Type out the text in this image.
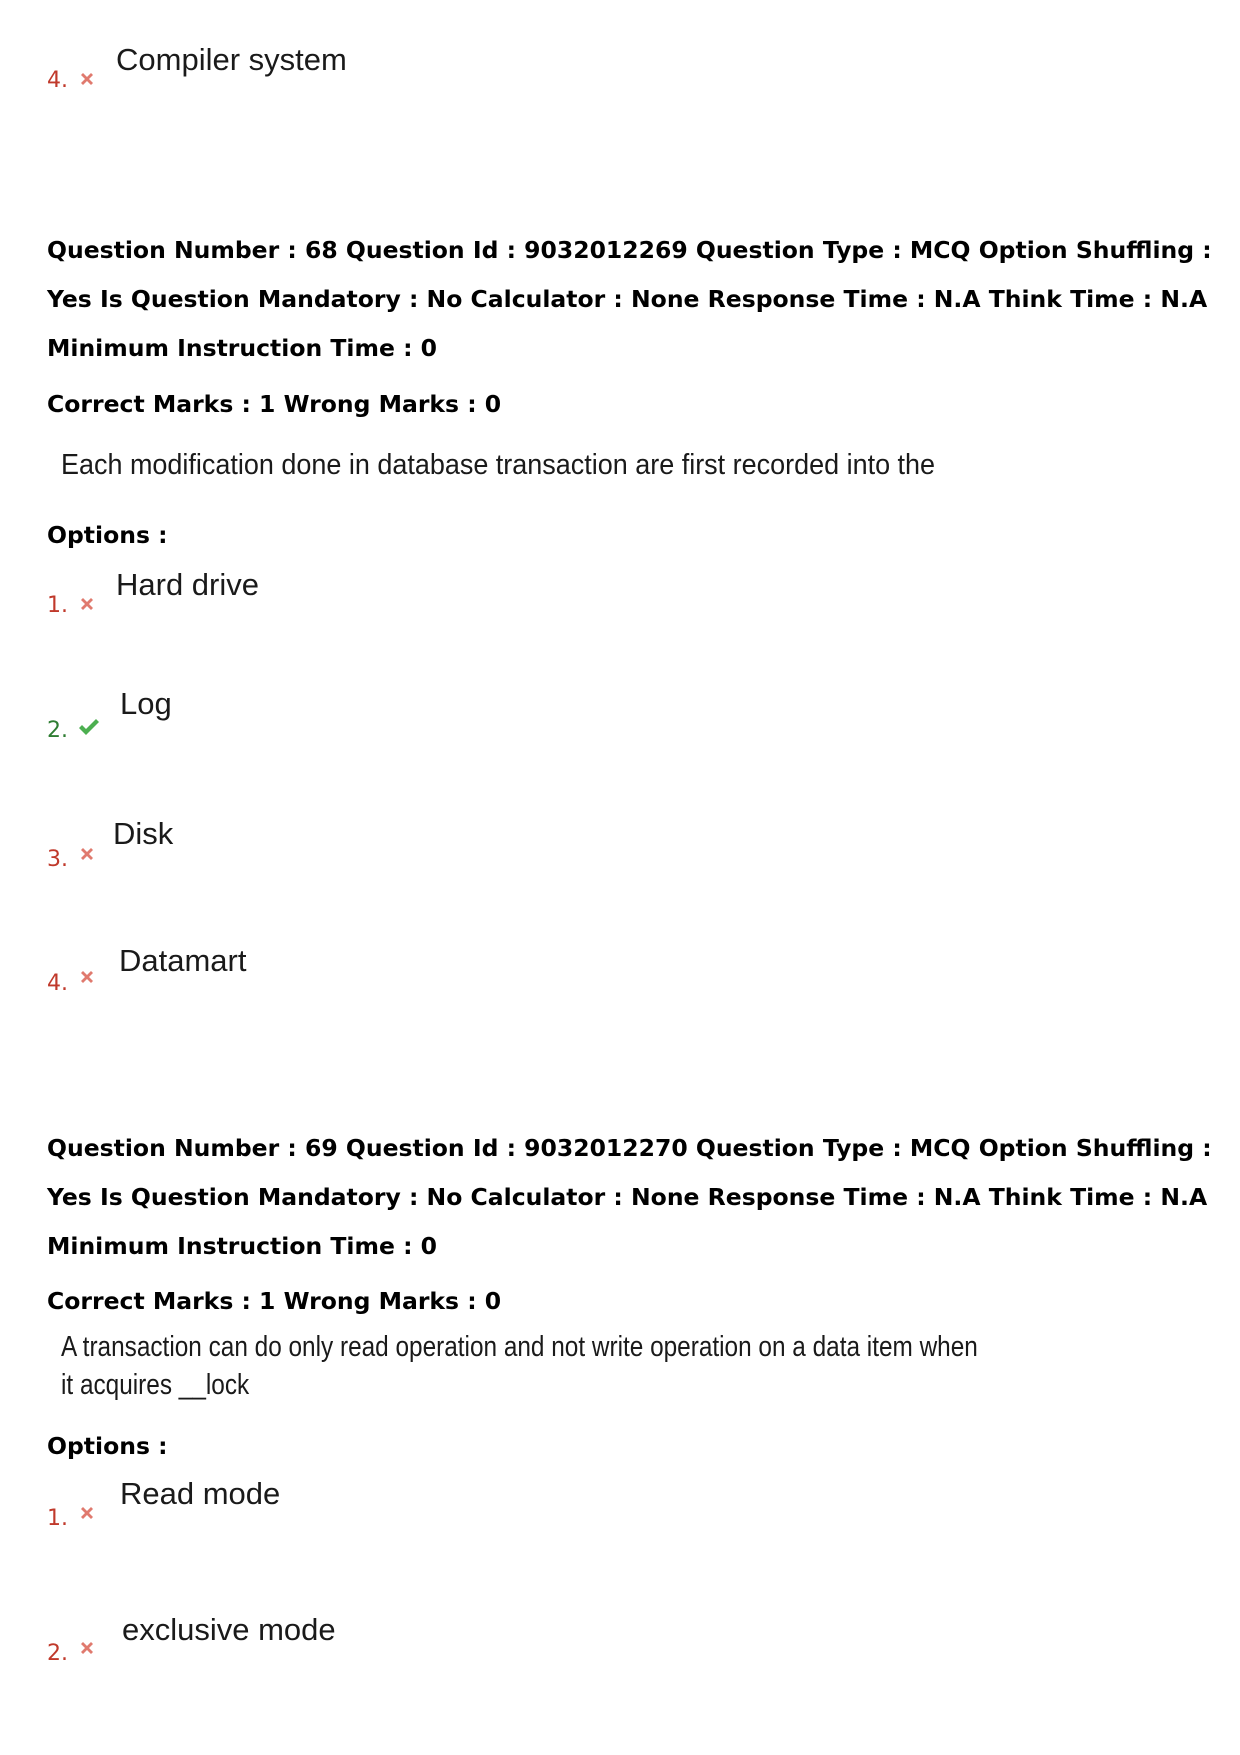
4.
Compiler system

Question Number : 68 Question Id : 9032012269 Question Type : MCQ Option Shuffling : Yes Is Question Mandatory : No Calculator : None Response Time : N.A Think Time : N.A Minimum Instruction Time : 0

Correct Marks : 1 Wrong Marks : 0
Each modification done in database transaction are first recorded into the
Options :
1.
Hard drive
2.
Log
3.
Disk
4.
Datamart

Question Number : 69 Question Id : 9032012270 Question Type : MCQ Option Shuffling : Yes Is Question Mandatory : No Calculator : None Response Time : N.A Think Time : N.A Minimum Instruction Time : 0

Correct Marks : 1 Wrong Marks : 0
A transaction can do only read operation and not write operation on a data item when
it acquires __lock
Options :
1.
Read mode
2.
exclusive mode
